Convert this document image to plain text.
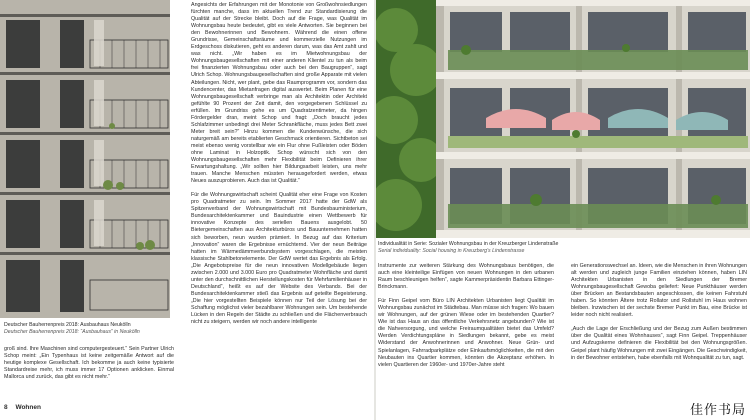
Deutscher Bauherrenpreis 2018: Ausbauhaus Neukölln
Deutscher Bauherrenpreis 2018: “Ausbauhaus” in Neukölln

groß sind. Ihre Maschinen sind computergesteuert.“ Sein Partner Ulrich Schop meint: „Ein Typenhaus ist keine zeitgemäße Antwort auf die heutige komplexe Gesellschaft. Ich bekomme ja auch keine typisierte Standardreise mehr, ich muss immer 17 Optionen anklicken. Einmal Mallorca und zurück, das gibt es nicht mehr.“

Angesichts der Erfahrungen mit der Monotonie von Großwohnsiedlungen fürchten manche, dass im aktuellen Trend zur Standardisierung die Qualität auf der Strecke bleibt. Doch auf die Frage, was Qualität im Wohnungsbau heute bedeutet, gibt es viele Antworten. Sie beginnen bei den Bewohnerinnen und Bewohnern. Während die einen offene Grundrisse, Gemeinschaftsräume und kommerzielle Nutzungen im Erdgeschoss diskutieren, geht es anderen darum, was das Amt zahlt und was nicht. „Wir haben es im Mietwohnungsbau der Wohnungsbaugesellschaften mit einer anderen Klientel zu tun als beim frei finanzierten Wohnungsbau oder auch bei den Baugruppen“, sagt Ulrich Schop. Wohnungsbaugesellschaften sind große Apparate mit vielen Abteilungen. Nicht, wer plant, gebe das Raumprogramm vor, sondern das Kundencenter, das Mietanfragen digital auswertet. Beim Planen für eine Wohnungsbaugesellschaft verbringe man als Architektin oder Architekt gefühlte 90 Prozent der Zeit damit, den vorgegebenen Schlüssel zu erfüllen. Im Grundriss gehe es um Quadratzentimeter, da hingen Fördergelder dran, meint Schop und fragt: „Doch braucht jedes Schlafzimmer unbedingt drei Meter Schrankfläche, muss jedes Bett zwei Meter breit sein?“ Hinzu kommen die Kundenwünsche, die sich naturgemäß am bereits etablierten Geschmack orientieren. Sichtbeton sei meist ebenso wenig vorstellbar wie ein Flur ohne Fußleisten oder Böden ohne Laminat in Holzoptik. Schop wünscht sich von den Wohnungsbaugesellschaften mehr Flexibilität beim Definieren ihrer Erwartungshaltung. „Wir sollten hier Bildungsarbeit leisten, uns mehr trauen. Manche Menschen müssten herausgefordert werden, etwas Neues auszuprobieren. Auch das ist Qualität.“

Für die Wohnungswirtschaft scheint Qualität eher eine Frage von Kosten pro Quadratmeter zu sein. Im Sommer 2017 hatte der GdW als Spitzenverband der Wohnungswirtschaft mit Bundesbauministerium, Bundesarchitektenkammer und Bauindustrie einen Wettbewerb für innovative Konzepte des seriellen Bauens ausgelobt. 50 Bietergemeinschaften aus Architekturbüros und Bauunternehmen hatten sich beworben, neun wurden prämiert. In Bezug auf das Kriterium „Innovation“ waren die Ergebnisse ernüchternd. Vier der neun Beiträge hatten im Wärmedämmverbundsystem vorgeschlagen, die meisten klassische Stahlbetonelemente. Der GdW wertet das Ergebnis als Erfolg. „Die Angebotspreise für die neun innovativen Modellgebäude liegen zwischen 2.000 und 3.000 Euro pro Quadratmeter Wohnfläche und damit unter den durchschnittlichen Herstellungskosten für Mehrfamilienhäuser in Deutschland“, heißt es auf der Website des Verbands. Bei der Bundesarchitektenkammer stieß das Ergebnis auf geteilte Begeisterung. „Die hier vorgestellten Beispiele können nur Teil der Lösung bei der Schaffung möglichst vieler bezahlbarer Wohnungen sein. Um bestehende Lücken in den Regeln der Städte zu schließen und die Flächenverbrauch nicht zu steigern, werden wir noch andere intelligente

8 Wohnen
Individualität in Serie: Sozialer Wohnungsbau in der Kreuzberger Lindenstraße
Serial individuality: Social housing in Kreuzberg’s Lindenstrasse

Instrumente zur weiteren Stärkung des Wohnungsbaus benötigen, die auch eine kleinteilige Einfügen von neuen Wohnungen in den urbanen Raum beschleunigen helfen“, sagte Kammerpräsidentin Barbara Ettinger-Brinckmann.

Für Finn Geipel vom Büro LIN Architekten Urbanisten liegt Qualität im Wohnungsbau zunächst im Städtebau. Man müsse sich fragen: Wo bauen wir Wohnungen, auf der grünen Wiese oder im bestehenden Quartier? Wie ist das Haus an das öffentliche Verkehrsnetz angebunden? Wie ist die Nahversorgung, und welche Freiraumqualitäten bietet das Umfeld? Werden Verdichtungspläne in Siedlungen bekannt, gebe es meist Widerstand der Anwohnerinnen und Anwohner. Neue Grün- und Spielanlagen, Fahrradparkplätze oder Einkaufsmöglichkeiten, die mit den Neubauten ins Quartier kommen, könnten die Akzeptanz erhöhen. In vielen Quartieren der 1960er- und 1970er-Jahre steht

ein Generationswechsel an. Ideen, wie die Menschen in ihren Wohnungen alt werden und zugleich junge Familien einziehen können, haben LIN Architekten Urbanisten in den Siedlungen der Bremer Wohnungsbaugesellschaft Gewoba geliefert: Neue Punkthäuser werden über Brücken an Bestandsbauten angeschlossen, die keinen Fahrstuhl haben. So könnten Ältere trotz Rollator und Rollstuhl im Haus wohnen bleiben. Inzwischen ist der sechste Bremer Punkt im Bau, eine Brücke ist leider noch nicht realisiert.

„Auch die Lage der Erschließung und der Bezug zum Außen bestimmen über die Qualität eines Wohnhauses“, sagt Finn Geipel. Treppenhäuser und Aufzugskerne definieren die Flexibilität bei den Wohnungsgrößen. Geipel plant häufig Wohnungen mit zwei Eingängen. Die Geschwindigkeit, in der Bewohner entstehen, habe ebenfalls mit Wohnqualität zu tun, sagt.

佳作书局
